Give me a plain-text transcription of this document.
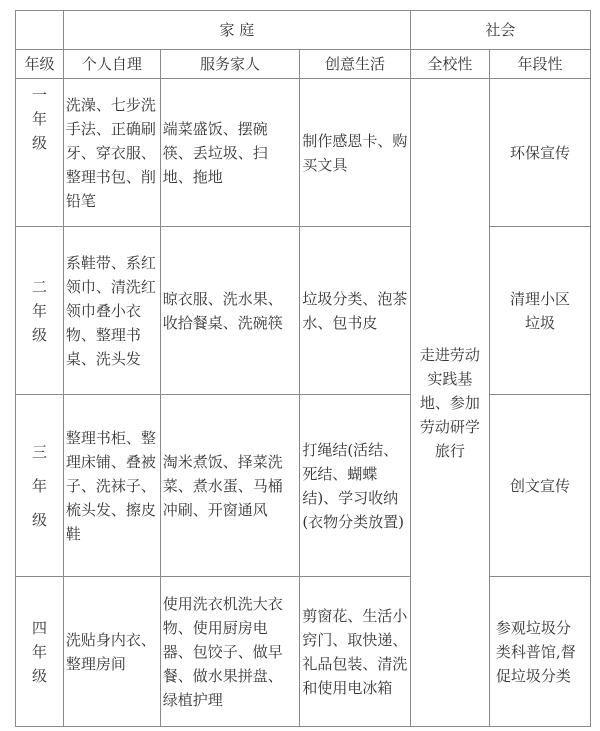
	家 庭			社会	
年级	个人自理	服务家人	创意生活	全校性	年段性

一
年
级	洗澡、七步洗手法、正确刷牙、穿衣服、整理书包、削铅笔	端菜盛饭、摆碗筷、丢垃圾、扫地、拖地	制作感恩卡、购买文具	走进劳动实践基地、参加劳动研学旅行	环保宣传

二
年
级	系鞋带、系红领巾、清洗红领巾叠小衣物、整理书桌、洗头发	晾衣服、洗水果、收拾餐桌、洗碗筷	垃圾分类、泡茶水、包书皮		清理小区垃圾

三
年
级	整理书柜、整理床铺、叠被子、洗袜子、梳头发、擦皮鞋	淘米煮饭、择菜洗菜、煮水蛋、马桶冲刷、开窗通风	打绳结(活结、死结、蝴蝶结)、学习收纳(衣物分类放置)		创文宣传

四
年
级	洗贴身内衣、整理房间	使用洗衣机洗大衣物、使用厨房电器、包饺子、做早餐、做水果拼盘、绿植护理	剪窗花、生活小窍门、取快递、礼品包装、清洗和使用电冰箱		参观垃圾分类科普馆,督促垃圾分类
